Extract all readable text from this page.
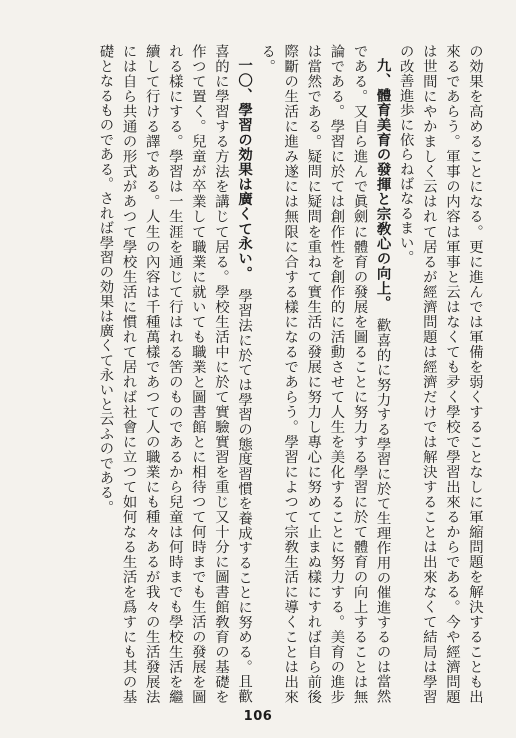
の効果を高めることになる。更に進んでは軍備を弱くすることなしに軍縮問題を解決することも出來るであらう。軍事の内容は軍事と云はなくても夛く學校で學習出來るからである。今や經濟問題は世間にやかましく云はれて居るが經濟問題は經濟だけでは解決することは出來なくて結局は學習の改善進歩に依らねばなるまい。

九、體育美育の發揮と宗敎心の向上。　歡喜的に努力する學習に於て生理作用の催進するのは當然である。又自ら進んで眞劍に體育の發展を圖ることに努力する學習に於て體育の向上することは無論である。學習に於ては創作性を創作的に活動させて人生を美化することに努力する。美育の進步は當然である。疑問に疑問を重ねて實生活の發展に努力し專心に努めて止まぬ樣にすれば自ら前後際斷の生活に進み遂には無限に合する樣になるであらう。學習によつて宗敎生活に導くことは出來る。

一〇、學習の効果は廣くて永い。　學習法に於ては學習の態度習慣を養成することに努める。且歡喜的に學習する方法を講じて居る。學校生活中に於て實驗實習を重じ又十分に圖書館敎育の基礎を作つて置く。兒童が卒業して職業に就いても職業と圖書館とに相待つて何時までも生活の發展を圖れる樣にする。學習は一生涯を通じて行はれる筈のものであるから兒童は何時までも學校生活を繼續して行ける譯である。人生の內容は千種萬樣であつて人の職業にも種々あるが我々の生活發展法には自ら共通の形式があつて學校生活に慣れて居れば社會に立つて如何なる生活を爲すにも其の基礎となるものである。されば學習の効果は廣くて永いと云ふのである。

106
